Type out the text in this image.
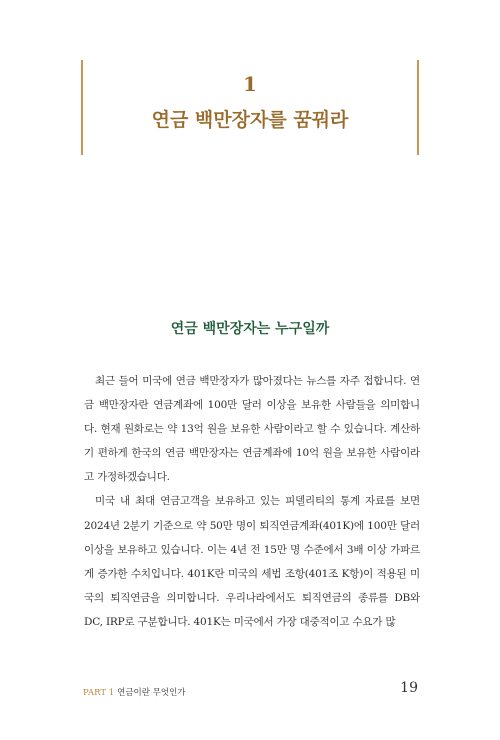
1
연금 백만장자를 꿈꿔라
연금 백만장자는 누구일까

최근 들어 미국에 연금 백만장자가 많아졌다는 뉴스를 자주 접합니다. 연금 백만장자란 연금계좌에 100만 달러 이상을 보유한 사람들을 의미합니다. 현재 원화로는 약 13억 원을 보유한 사람이라고 할 수 있습니다. 계산하기 편하게 한국의 연금 백만장자는 연금계좌에 10억 원을 보유한 사람이라고 가정하겠습니다.

미국 내 최대 연금고객을 보유하고 있는 피델리티의 통계 자료를 보면 2024년 2분기 기준으로 약 50만 명이 퇴직연금계좌(401K)에 100만 달러 이상을 보유하고 있습니다. 이는 4년 전 15만 명 수준에서 3배 이상 가파르게 증가한 수치입니다. 401K란 미국의 세법 조항(401조 K항)이 적용된 미국의 퇴직연금을 의미합니다. 우리나라에서도 퇴직연금의 종류를 DB와 DC, IRP로 구분합니다. 401K는 미국에서 가장 대중적이고 수요가 많

PART 1 연금이란 무엇인가	19
